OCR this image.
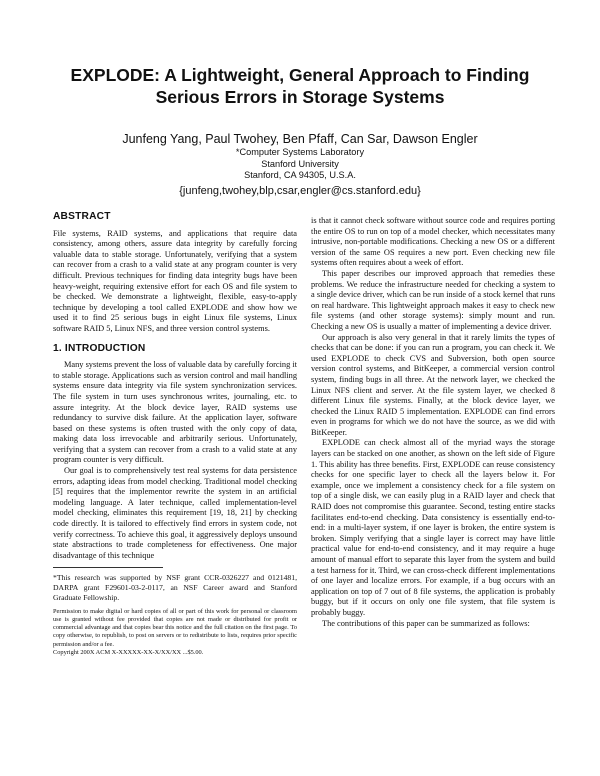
EXPLODE: A Lightweight, General Approach to Finding
Serious Errors in Storage Systems
Junfeng Yang, Paul Twohey, Ben Pfaff, Can Sar, Dawson Engler
*Computer Systems Laboratory
Stanford University
Stanford, CA 94305, U.S.A.
{junfeng,twohey,blp,csar,engler@cs.stanford.edu}
ABSTRACT

File systems, RAID systems, and applications that require data consistency, among others, assure data integrity by carefully forcing valuable data to stable storage. Unfortunately, verifying that a system can recover from a crash to a valid state at any program counter is very difficult. Previous techniques for finding data integrity bugs have been heavy-weight, requiring extensive effort for each OS and file system to be checked. We demonstrate a lightweight, flexible, easy-to-apply technique by developing a tool called EXPLODE and show how we used it to find 25 serious bugs in eight Linux file systems, Linux software RAID 5, Linux NFS, and three version control systems.

1. INTRODUCTION

Many systems prevent the loss of valuable data by carefully forcing it to stable storage. Applications such as version control and mail handling systems ensure data integrity via file system synchronization services. The file system in turn uses synchronous writes, journaling, etc. to assure integrity. At the block device layer, RAID systems use redundancy to survive disk failure. At the application layer, software based on these systems is often trusted with the only copy of data, making data loss irrevocable and arbitrarily serious. Unfortunately, verifying that a system can recover from a crash to a valid state at any program counter is very difficult.

Our goal is to comprehensively test real systems for data persistence errors, adapting ideas from model checking. Traditional model checking [5] requires that the implementor rewrite the system in an artificial modeling language. A later technique, called implementation-level model checking, eliminates this requirement [19, 18, 21] by checking code directly. It is tailored to effectively find errors in system code, not verify correctness. To achieve this goal, it aggressively deploys unsound state abstractions to trade completeness for effectiveness. One major disadvantage of this technique

*This research was supported by NSF grant CCR-0326227 and 0121481, DARPA grant F29601-03-2-0117, an NSF Career award and Stanford Graduate Fellowship.

Permission to make digital or hard copies of all or part of this work for personal or classroom use is granted without fee provided that copies are not made or distributed for profit or commercial advantage and that copies bear this notice and the full citation on the first page. To copy otherwise, to republish, to post on servers or to redistribute to lists, requires prior specific permission and/or a fee.

Copyright 200X ACM X-XXXXX-XX-X/XX/XX ...$5.00.

is that it cannot check software without source code and requires porting the entire OS to run on top of a model checker, which necessitates many intrusive, non-portable modifications. Checking a new OS or a different version of the same OS requires a new port. Even checking new file systems often requires about a week of effort.

This paper describes our improved approach that remedies these problems. We reduce the infrastructure needed for checking a system to a single device driver, which can be run inside of a stock kernel that runs on real hardware. This lightweight approach makes it easy to check new file systems (and other storage systems): simply mount and run. Checking a new OS is usually a matter of implementing a device driver.

Our approach is also very general in that it rarely limits the types of checks that can be done: if you can run a program, you can check it. We used EXPLODE to check CVS and Subversion, both open source version control systems, and BitKeeper, a commercial version control system, finding bugs in all three. At the network layer, we checked the Linux NFS client and server. At the file system layer, we checked 8 different Linux file systems. Finally, at the block device layer, we checked the Linux RAID 5 implementation. EXPLODE can find errors even in programs for which we do not have the source, as we did with BitKeeper.

EXPLODE can check almost all of the myriad ways the storage layers can be stacked on one another, as shown on the left side of Figure 1. This ability has three benefits. First, EXPLODE can reuse consistency checks for one specific layer to check all the layers below it. For example, once we implement a consistency check for a file system on top of a single disk, we can easily plug in a RAID layer and check that RAID does not compromise this guarantee. Second, testing entire stacks facilitates end-to-end checking. Data consistency is essentially end-to-end: in a multi-layer system, if one layer is broken, the entire system is broken. Simply verifying that a single layer is correct may have little practical value for end-to-end consistency, and it may require a huge amount of manual effort to separate this layer from the system and build a test harness for it. Third, we can cross-check different implementations of one layer and localize errors. For example, if a bug occurs with an application on top of 7 out of 8 file systems, the application is probably buggy, but if it occurs on only one file system, that file system is probably buggy.

The contributions of this paper can be summarized as follows:
